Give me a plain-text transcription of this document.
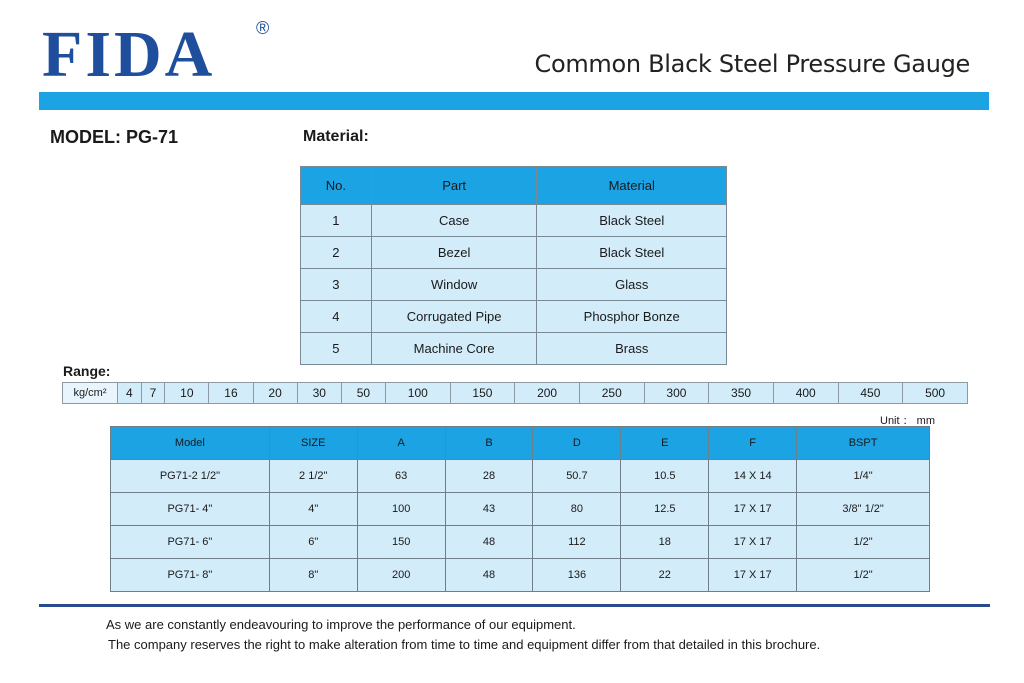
FIDA ®
Common Black Steel Pressure Gauge
MODEL: PG-71	Material:
No.	Part	Material
1	Case	Black Steel
2	Bezel	Black Steel
3	Window	Glass
4	Corrugated Pipe	Phosphor Bonze
5	Machine Core	Brass
Range:
kg/cm²	4	7	10	16	20	30	50	100	150	200	250	300	350	400	450	500
Unit ： mm
Model	SIZE	A	B	D	E	F	BSPT
PG71-2 1/2"	2 1/2"	63	28	50.7	10.5	14 X 14	1/4"
PG71- 4"	4"	100	43	80	12.5	17 X 17	3/8" 1/2"
PG71- 6"	6"	150	48	112	18	17 X 17	1/2"
PG71- 8"	8"	200	48	136	22	17 X 17	1/2"
As we are constantly endeavouring to improve the performance of our equipment.
The company reserves the right to make alteration from time to time and equipment differ from that detailed in this brochure.
